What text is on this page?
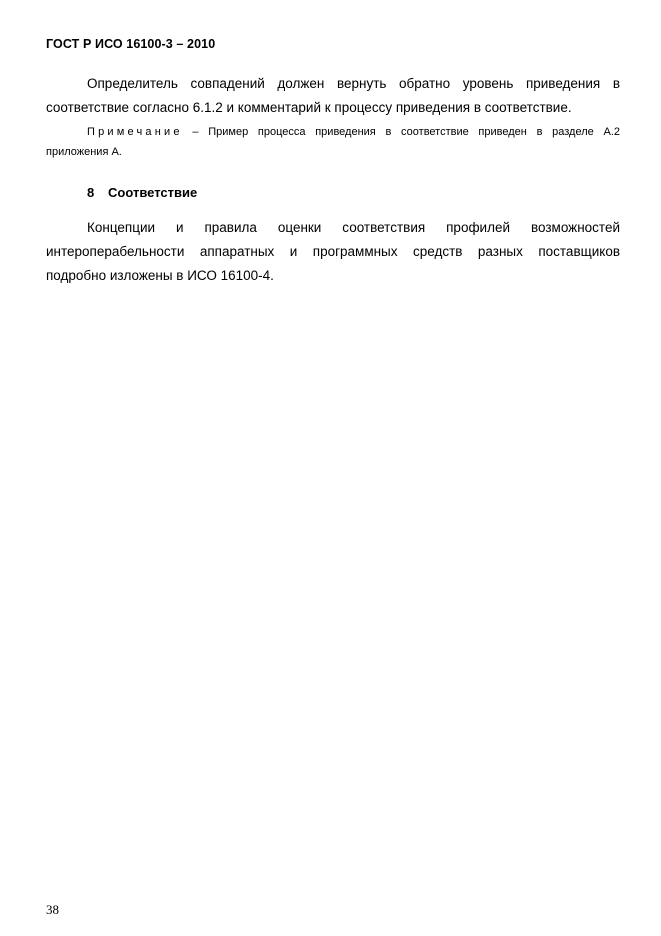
ГОСТ Р ИСО 16100-3 – 2010

Определитель совпадений должен вернуть обратно уровень приведения в
соответствие согласно 6.1.2 и комментарий к процессу приведения в соответствие.

Примечание – Пример процесса приведения в соответствие приведен в разделе А.2
приложения А.

8 Соответствие

Концепции и правила оценки соответствия профилей возможностей
интероперабельности аппаратных и программных средств разных поставщиков
подробно изложены в ИСО 16100-4.

38
